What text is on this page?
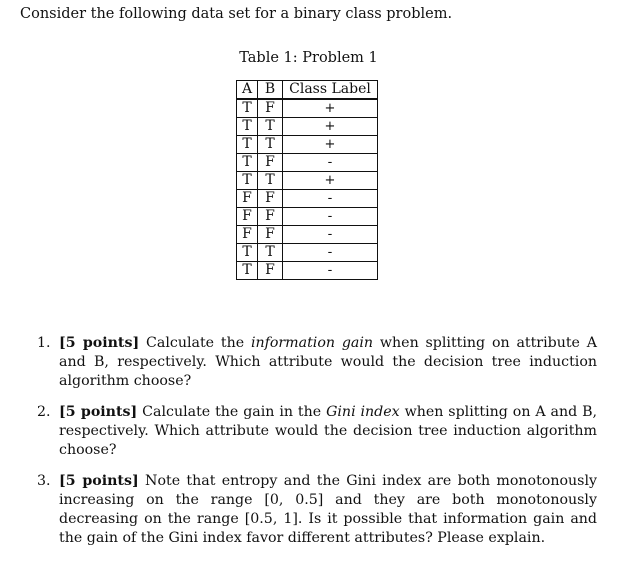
Consider the following data set for a binary class problem.

Table 1: Problem 1

A	B	Class Label
T	F	+
T	T	+
T	T	+
T	F	-
T	T	+
F	F	-
F	F	-
F	F	-
T	T	-
T	F	-
1. [5 points] Calculate the information gain when splitting on attribute A and B, respectively. Which attribute would the decision tree induction algorithm choose?
2. [5 points] Calculate the gain in the Gini index when splitting on A and B, respectively. Which attribute would the decision tree induction algorithm choose?
3. [5 points] Note that entropy and the Gini index are both monotonously increasing on the range [0, 0.5] and they are both monotonously decreasing on the range [0.5, 1]. Is it possible that information gain and the gain of the Gini index favor different attributes? Please explain.
